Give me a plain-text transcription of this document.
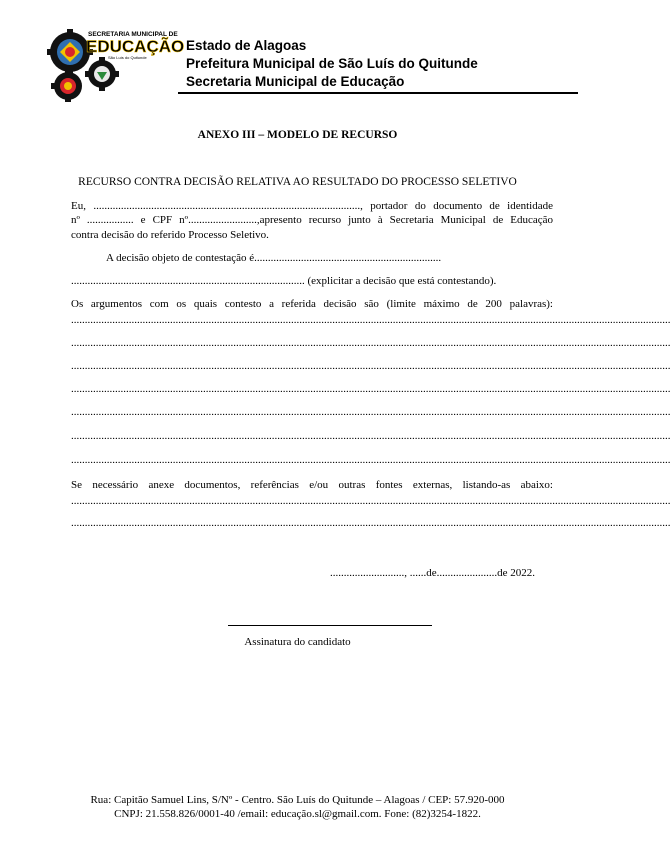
SECRETARIA MUNICIPAL DE
EDUCAÇÃO
São Luís do Quitunde
Estado de Alagoas
Prefeitura Municipal de São Luís do Quitunde
Secretaria Municipal de Educação
ANEXO III – MODELO DE RECURSO
RECURSO CONTRA DECISÃO RELATIVA AO RESULTADO DO PROCESSO SELETIVO
Eu, ................................................................................................., portador do documento de identidade
nº ................. e CPF nº.........................,apresento recurso junto à Secretaria Municipal de Educação
contra decisão do referido Processo Seletivo.
A decisão objeto de contestação é....................................................................
..................................................................................... (explicitar a decisão que está contestando).
Os argumentos com os quais contesto a referida decisão são (limite máximo de 200 palavras):
..........................................................................................................................................................................................................................
..........................................................................................................................................................................................................................
..........................................................................................................................................................................................................................
..........................................................................................................................................................................................................................
..........................................................................................................................................................................................................................
..........................................................................................................................................................................................................................
..........................................................................................................................................................................................................................
Se necessário anexe documentos, referências e/ou outras fontes externas, listando-as abaixo:
..........................................................................................................................................................................................................................
..........................................................................................................................................................................................................................
..........................., ......de......................de 2022.
Assinatura do candidato
Rua: Capitão Samuel Lins, S/Nº - Centro. São Luís do Quitunde – Alagoas / CEP: 57.920-000
CNPJ: 21.558.826/0001-40 /email: educação.sl@gmail.com. Fone: (82)3254-1822.
